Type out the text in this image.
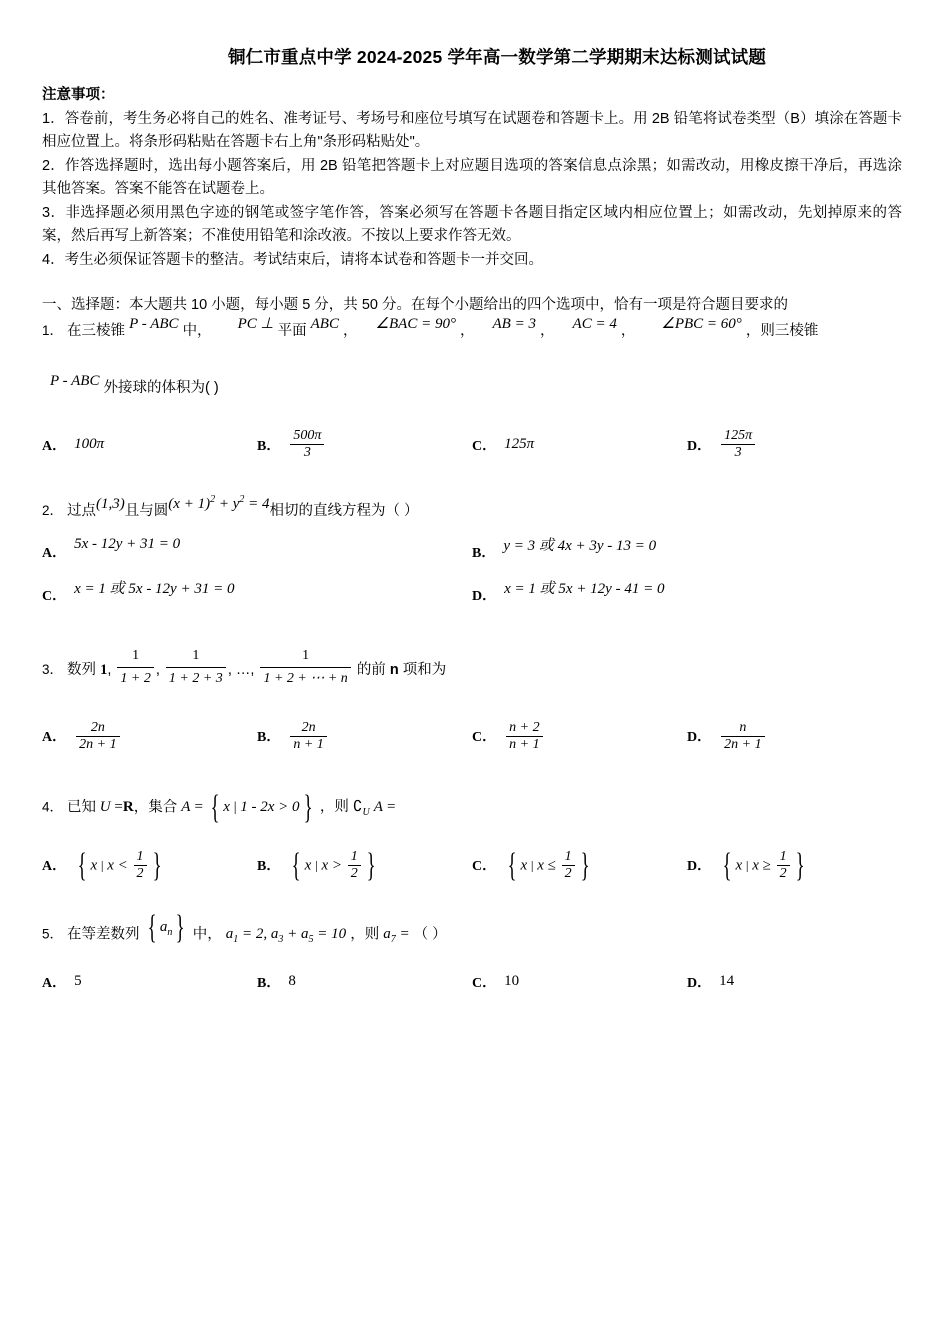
铜仁市重点中学 2024-2025 学年高一数学第二学期期末达标测试试题
注意事项：

1．答卷前，考生务必将自己的姓名、准考证号、考场号和座位号填写在试题卷和答题卡上。用 2B 铅笔将试卷类型（B）填涂在答题卡相应位置上。将条形码粘贴在答题卡右上角"条形码粘贴处"。

2．作答选择题时，选出每小题答案后，用 2B 铅笔把答题卡上对应题目选项的答案信息点涂黑；如需改动，用橡皮擦干净后，再选涂其他答案。答案不能答在试题卷上。

3．非选择题必须用黑色字迹的钢笔或签字笔作答，答案必须写在答题卡各题目指定区域内相应位置上；如需改动，先划掉原来的答案，然后再写上新答案；不准使用铅笔和涂改液。不按以上要求作答无效。

4．考生必须保证答题卡的整洁。考试结束后，请将本试卷和答题卡一并交回。

一、选择题：本大题共 10 小题，每小题 5 分，共 50 分。在每个小题给出的四个选项中，恰有一项是符合题目要求的
1． 在三棱锥 P - ABC 中， PC ⊥ 平面 ABC ， ∠BAC = 90° ， AB = 3 ， AC = 4 ， ∠PBC = 60° ，则三棱锥
P - ABC 外接球的体积为( )
A． 100π	B． $\frac{500\pi}{3}$	C． 125π	D． $\frac{125\pi}{3}$
2． 过点(1,3)且与圆$(x + 1)^2 + y^2 = 4$相切的直线方程为（ ）
A．
5x - 12y + 31 = 0
B． y = 3 或 4x + 3y - 13 = 0
C． x = 1 或 5x - 12y + 31 = 0	D． x = 1 或 5x + 12y - 41 = 0
3． 数列 1, $\frac{1}{1 + 2}$ , $\frac{1}{1 + 2 + 3}$ , …, $\frac{1}{1 + 2 + \cdots + n}$ 的前 n 项和为
A． $\frac{2n}{2n + 1}$	B． $\frac{2n}{n + 1}$	C． $\frac{n + 2}{n + 1}$	D． $\frac{n}{2n + 1}$
4． 已知 U =R，集合 A = { x | 1 - 2x > 0 } ，则 $∁_U$ A =
A． { x | $x < \frac{1}{2}$ }	B． { x | $x > \frac{1}{2}$ }	C． { x | $x \le \frac{1}{2}$ }	D． { x | $x \ge \frac{1}{2}$ }
5． 在等差数列 { $a_n$ } 中， $a_1 = 2$, $a_3 + a_5 = 10$ ，则 $a_7$ = （ ）
A． 5	B． 8	C． 10	D． 14
